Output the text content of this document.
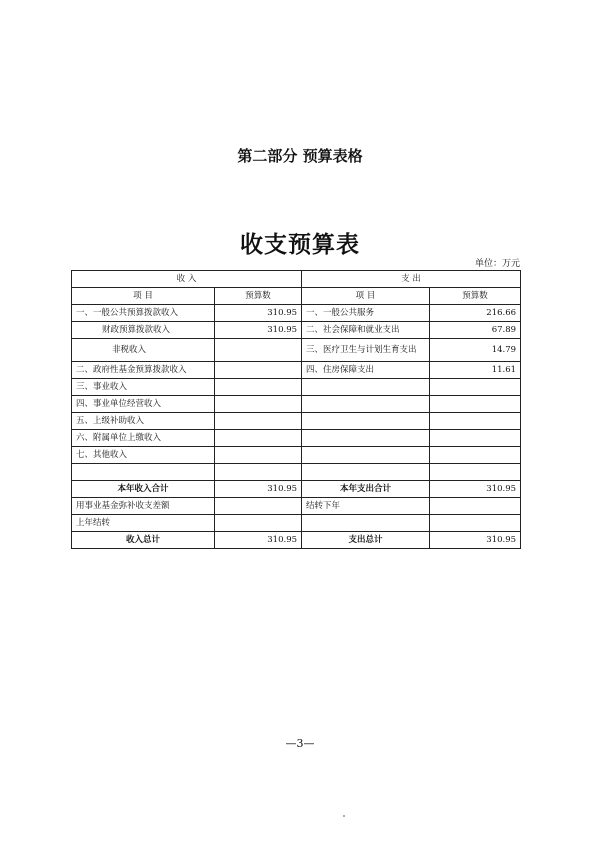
第二部分 预算表格
收支预算表
单位：万元
收 入		支 出	
项 目	预算数	项 目	预算数
一、一般公共预算拨款收入	310.95	一、一般公共服务	216.66
财政预算拨款收入	310.95	二、社会保障和就业支出	67.89
非税收入		三、医疗卫生与计划生育支出	14.79
二、政府性基金预算拨款收入		四、住房保障支出	11.61
三、事业收入			
四、事业单位经营收入			
五、上级补助收入			
六、附属单位上缴收入			
七、其他收入			

本年收入合计	310.95	本年支出合计	310.95
用事业基金弥补收支差额		结转下年	
上年结转			
收入总计	310.95	支出总计	310.95
—3—
